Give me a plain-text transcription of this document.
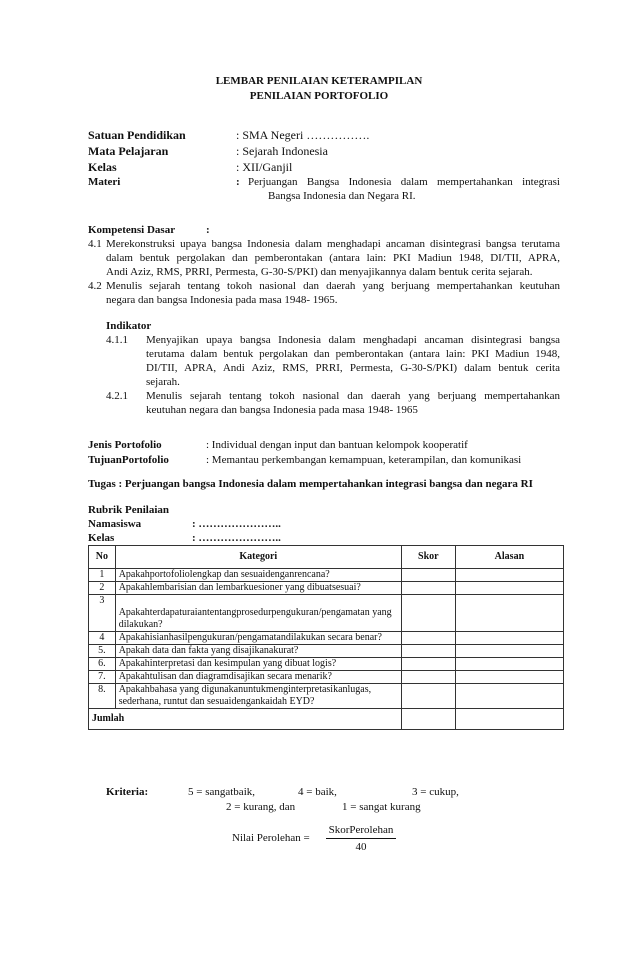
LEMBAR PENILAIAN KETERAMPILAN
PENILAIAN PORTOFOLIO
Satuan Pendidikan	: SMA Negeri …………….
Mata Pelajaran	: Sejarah Indonesia
Kelas	: XII/Ganjil
Materi	: Perjuangan Bangsa Indonesia dalam mempertahankan integrasi
Bangsa Indonesia dan Negara RI.
Kompetensi Dasar	:
4.1 Merekonstruksi upaya bangsa Indonesia dalam menghadapi ancaman disintegrasi bangsa terutama
dalam bentuk pergolakan dan pemberontakan (antara lain: PKI Madiun 1948, DI/TII, APRA,
Andi Aziz, RMS, PRRI, Permesta, G-30-S/PKI) dan menyajikannya dalam bentuk cerita sejarah.
4.2 Menulis sejarah tentang tokoh nasional dan daerah yang berjuang mempertahankan keutuhan
negara dan bangsa Indonesia pada masa 1948- 1965.
Indikator
4.1.1 Menyajikan upaya bangsa Indonesia dalam menghadapi ancaman disintegrasi bangsa
terutama dalam bentuk pergolakan dan pemberontakan (antara lain: PKI Madiun 1948,
DI/TII, APRA, Andi Aziz, RMS, PRRI, Permesta, G-30-S/PKI) dalam bentuk cerita
sejarah.
4.2.1 Menulis sejarah tentang tokoh nasional dan daerah yang berjuang mempertahankan
keutuhan negara dan bangsa Indonesia pada masa 1948- 1965
Jenis Portofolio	: Individual dengan input dan bantuan kelompok kooperatif
TujuanPortofolio	: Memantau perkembangan kemampuan, keterampilan, dan komunikasi
Tugas : Perjuangan bangsa Indonesia dalam mempertahankan integrasi bangsa dan negara RI
Rubrik Penilaian
Namasiswa	: …………………..
Kelas	: …………………..
No	Kategori	Skor	Alasan
1	Apakahportofoliolengkap dan sesuaidenganrencana?		
2	Apakahlembarisian dan lembarkuesioner yang dibuatsesuai?		
3	Apakahterdapaturaiantentangprosedurpengukuran/pengamatan yang dilakukan?		
4	Apakahisianhasilpengukuran/pengamatandilakukan secara benar?		
5.	Apakah data dan fakta yang disajikanakurat?		
6.	Apakahinterpretasi dan kesimpulan yang dibuat logis?		
7.	Apakahtulisan dan diagramdisajikan secara menarik?		
8.	Apakahbahasa yang digunakanuntukmenginterpretasikanlugas, sederhana, runtut dan sesuaidengankaidah EYD?		
Jumlah			
Kriteria:	5 = sangatbaik,	4 = baik,	3 = cukup,
2 = kurang, dan	1 = sangat kurang
Nilai Perolehan =
SkorPerolehan
40
